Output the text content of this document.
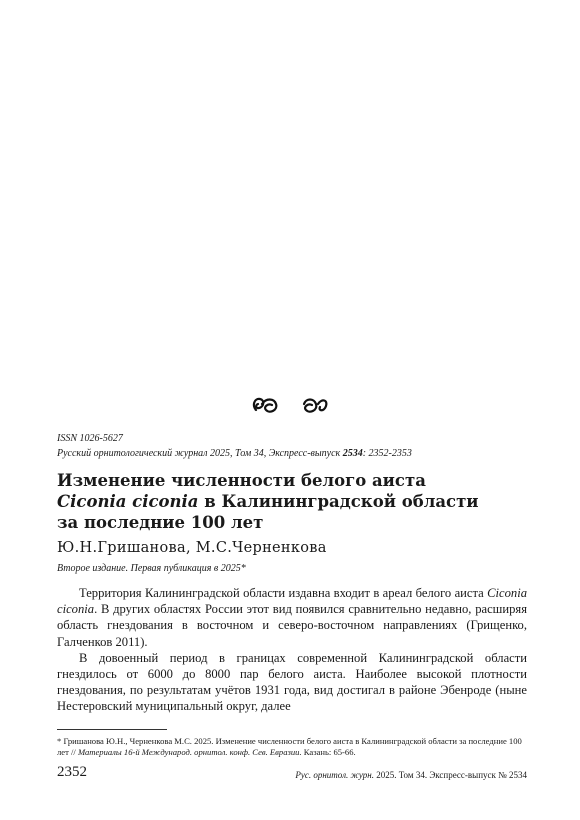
ISSN 1026-5627
Русский орнитологический журнал 2025, Том 34, Экспресс-выпуск 2534: 2352-2353
Изменение численности белого аиста
Ciconia ciconia в Калининградской области
за последние 100 лет
Ю.Н.Гришанова, М.С.Черненкова
Второе издание. Первая публикация в 2025*

Территория Калининградской области издавна входит в ареал белого аиста Ciconia ciconia. В других областях России этот вид появился сравнительно недавно, расширяя область гнездования в восточном и северо-восточном направлениях (Грищенко, Галченков 2011).

В довоенный период в границах современной Калининградской области гнездилось от 6000 до 8000 пар белого аиста. Наиболее высокой плотности гнездования, по результатам учётов 1931 года, вид достигал в районе Эбенроде (ныне Нестеровский муниципальный округ, далее

* Гришанова Ю.Н., Черненкова М.С. 2025. Изменение численности белого аиста в Калининградской области за последние 100 лет // Материалы 16-й Международ. орнитол. конф. Сев. Евразии. Казань: 65-66.
2352	Рус. орнитол. журн. 2025. Том 34. Экспресс-выпуск № 2534
